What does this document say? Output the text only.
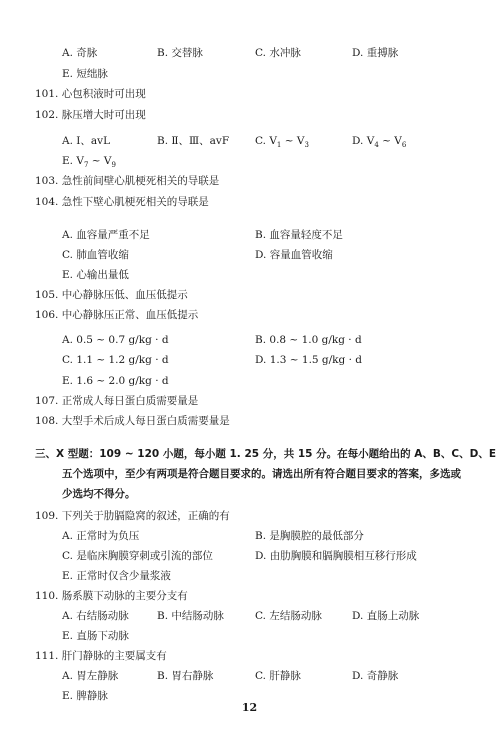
A. 奇脉	B. 交替脉	C. 水冲脉	D. 重搏脉
E. 短绌脉
101. 心包积液时可出现
102. 脉压增大时可出现
A. Ⅰ、avL	B. Ⅱ、Ⅲ、avF C. $V_1$ ~ $V_3$	D. $V_4$ ~ $V_6$
E. $V_7$ ~ $V_9$
103. 急性前间壁心肌梗死相关的导联是
104. 急性下壁心肌梗死相关的导联是
A. 血容量严重不足	B. 血容量轻度不足
C. 肺血管收缩	D. 容量血管收缩
E. 心输出量低
105. 中心静脉压低、血压低提示
106. 中心静脉压正常、血压低提示
A. 0.5 ~ 0.7 g/kg · d	B. 0.8 ~ 1.0 g/kg · d
C. 1.1 ~ 1.2 g/kg · d	D. 1.3 ~ 1.5 g/kg · d
E. 1.6 ~ 2.0 g/kg · d
107. 正常成人每日蛋白质需要量是
108. 大型手术后成人每日蛋白质需要量是
三、X 型题：109 ~ 120 小题，每小题 1. 25 分，共 15 分。在每小题给出的 A、B、C、D、E
五个选项中，至少有两项是符合题目要求的。请选出所有符合题目要求的答案，多选或
少选均不得分。
109. 下列关于肋膈隐窝的叙述，正确的有
A. 正常时为负压	B. 是胸膜腔的最低部分
C. 是临床胸膜穿刺或引流的部位	D. 由肋胸膜和膈胸膜相互移行形成
E. 正常时仅含少量浆液
110. 肠系膜下动脉的主要分支有
A. 右结肠动脉	B. 中结肠动脉	C. 左结肠动脉	D. 直肠上动脉
E. 直肠下动脉
111. 肝门静脉的主要属支有
A. 胃左静脉	B. 胃右静脉	C. 肝静脉	D. 奇静脉
E. 脾静脉
12
